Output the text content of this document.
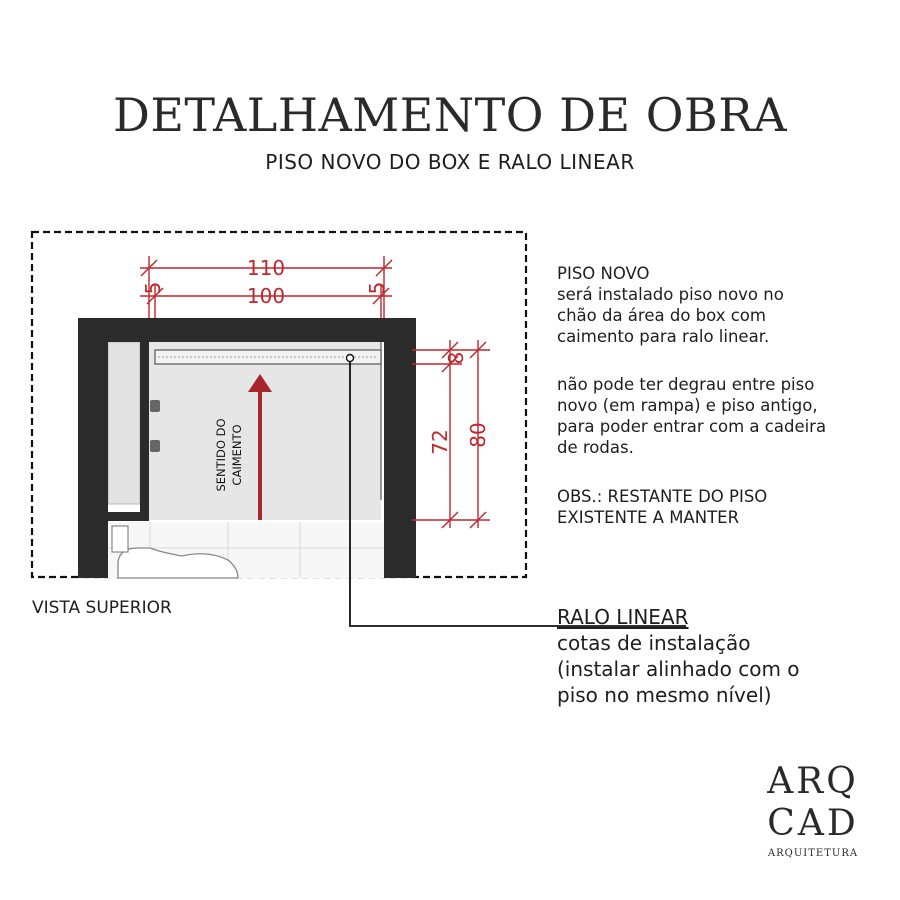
DETALHAMENTO DE OBRA
PISO NOVO DO BOX E RALO LINEAR
110
100
5	5
8
72 80
SENTIDO DO CAIMENTO
VISTA SUPERIOR
PISO NOVO
será instalado piso novo no
chão da área do box com
caimento para ralo linear.
não pode ter degrau entre piso
novo (em rampa) e piso antigo,
para poder entrar com a cadeira
de rodas.
OBS.: RESTANTE DO PISO
EXISTENTE A MANTER
RALO LINEAR
cotas de instalação
(instalar alinhado com o
piso no mesmo nível)
ARQ
CAD
ARQUITETURA
